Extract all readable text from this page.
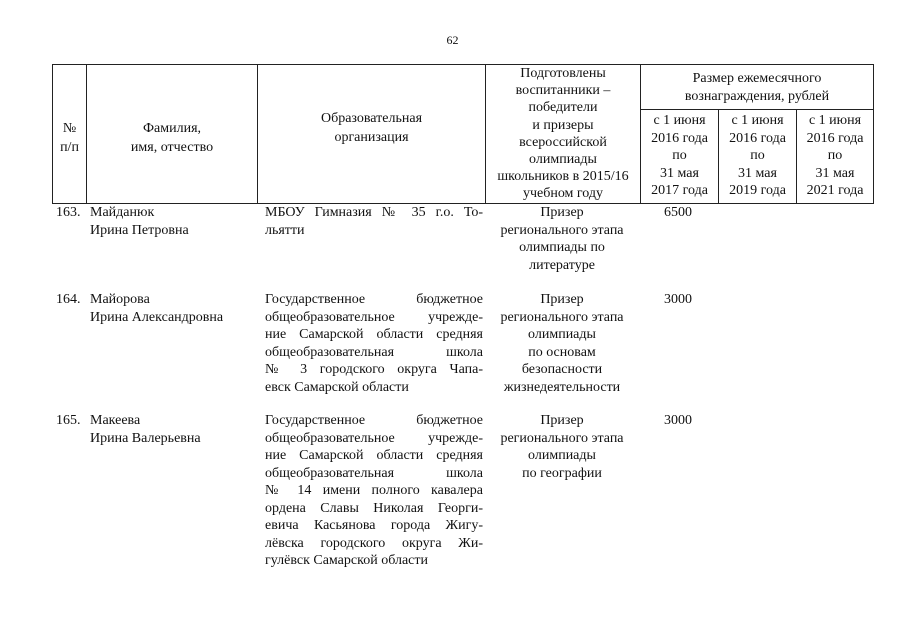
62
№
п/п
Фамилия,
имя, отчество
Образовательная
организация
Подготовлены
воспитанники –
победители
и призеры
всероссийской
олимпиады
школьников в 2015/16
учебном году
Размер ежемесячного
вознаграждения, рублей
с 1 июня
2016 года
по
31 мая
2017 года
с 1 июня
2016 года
по
31 мая
2019 года
с 1 июня
2016 года
по
31 мая
2021 года
163. Майданюк
Ирина Петровна
МБОУ Гимназия № 35 г.о. То-
льятти
Призер
регионального этапа
олимпиады по
литературе
6500
164. Майорова
Ирина Александровна
Государственное бюджетное
общеобразовательное учрежде-
ние Самарской области средняя
общеобразовательная школа
№ 3 городского округа Чапа-
евск Самарской области
Призер
регионального этапа
олимпиады
по основам
безопасности
жизнедеятельности
3000
165. Макеева
Ирина Валерьевна
Государственное бюджетное
общеобразовательное учрежде-
ние Самарской области средняя
общеобразовательная школа
№ 14 имени полного кавалера
ордена Славы Николая Георги-
евича Касьянова города Жигу-
лёвска городского округа Жи-
гулёвск Самарской области
Призер
регионального этапа
олимпиады
по географии
3000
